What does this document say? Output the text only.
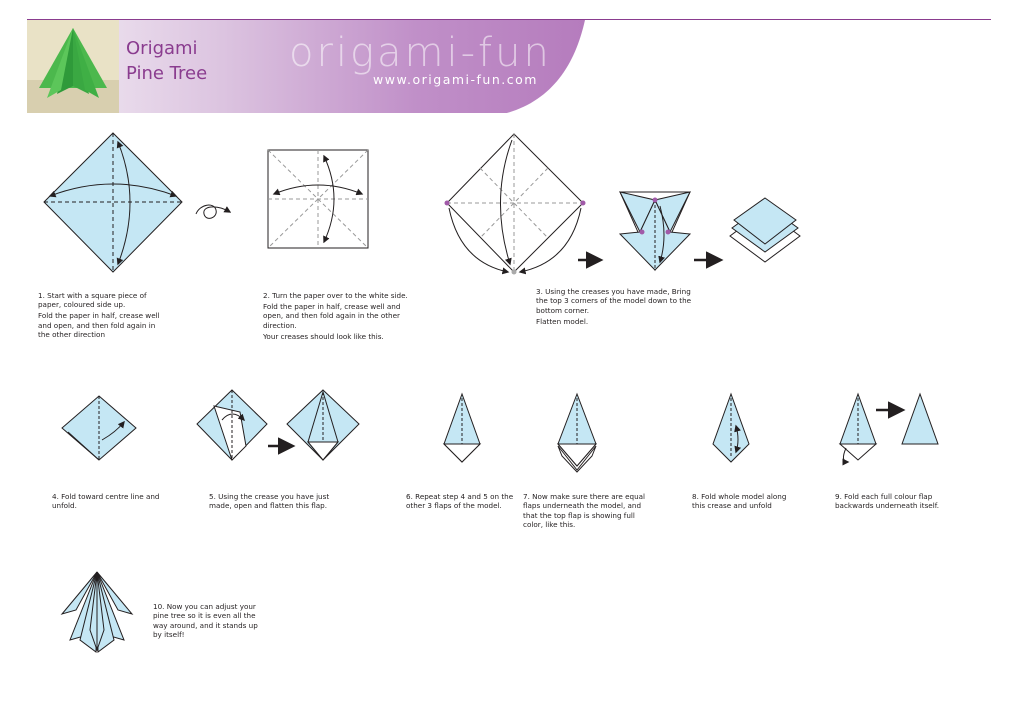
Origami
Pine Tree origami-fun
www.origami-fun.com

1. Start with a square piece of paper, coloured side up.

Fold the paper in half, crease well and open, and then fold again in the other direction

2. Turn the paper over to the white side.

Fold the paper in half, crease well and open, and then fold again in the other direction.

Your creases should look like this.

3. Using the creases you have made, Bring the top 3 corners of the model down to the bottom corner.

Flatten model.

4. Fold toward centre line and unfold.

5. Using the crease you have just made, open and flatten this flap.

6. Repeat step 4 and 5 on the other 3 flaps of the model.

7. Now make sure there are equal flaps underneath the model, and that the top flap is showing full color, like this.

8. Fold whole model along this crease and unfold

9. Fold each full colour flap backwards underneath itself.

10. Now you can adjust your pine tree so it is even all the way around, and it stands up by itself!
